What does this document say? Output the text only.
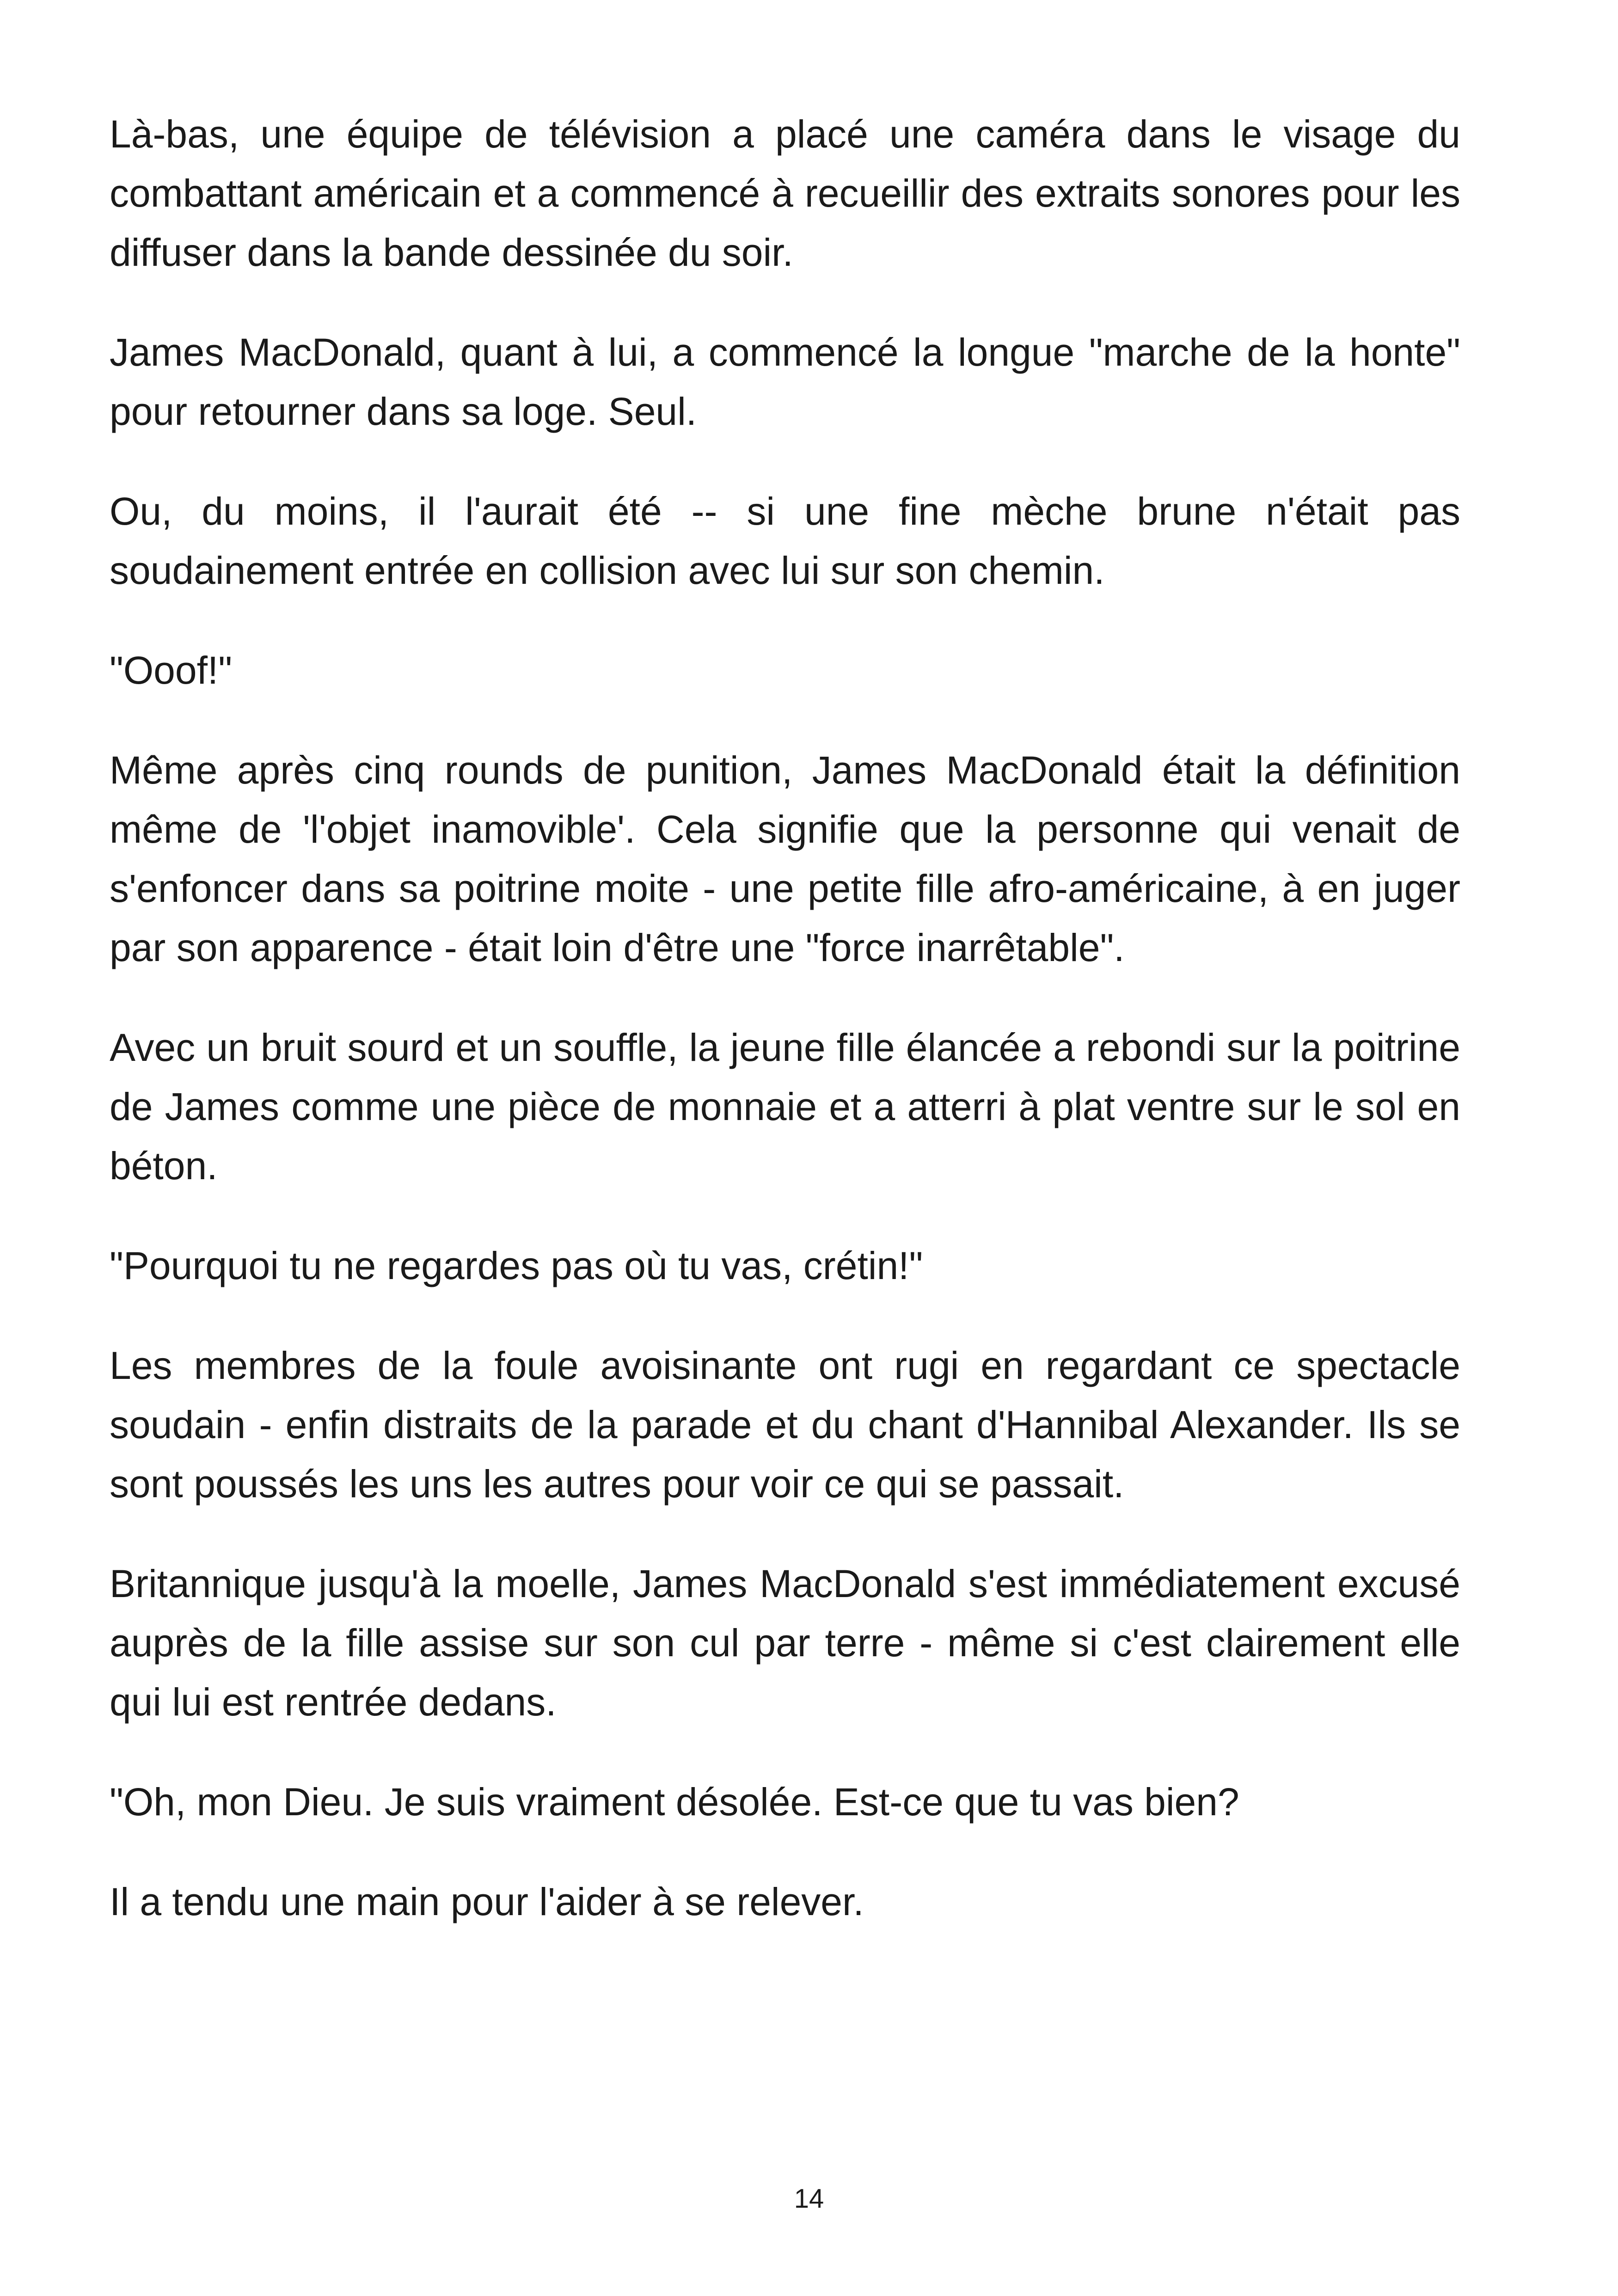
Là-bas, une équipe de télévision a placé une caméra dans le visage du combattant américain et a commencé à recueillir des extraits sonores pour les diffuser dans la bande dessinée du soir.

James MacDonald, quant à lui, a commencé la longue "marche de la honte" pour retourner dans sa loge. Seul.

Ou, du moins, il l'aurait été -- si une fine mèche brune n'était pas soudainement entrée en collision avec lui sur son chemin.

"Ooof!"

Même après cinq rounds de punition, James MacDonald était la définition même de 'l'objet inamovible'. Cela signifie que la personne qui venait de s'enfoncer dans sa poitrine moite - une petite fille afro-américaine, à en juger par son apparence - était loin d'être une "force inarrêtable".

Avec un bruit sourd et un souffle, la jeune fille élancée a rebondi sur la poitrine de James comme une pièce de monnaie et a atterri à plat ventre sur le sol en béton.

"Pourquoi tu ne regardes pas où tu vas, crétin!"

Les membres de la foule avoisinante ont rugi en regardant ce spectacle soudain - enfin distraits de la parade et du chant d'Hannibal Alexander. Ils se sont poussés les uns les autres pour voir ce qui se passait.

Britannique jusqu'à la moelle, James MacDonald s'est immédiatement excusé auprès de la fille assise sur son cul par terre - même si c'est clairement elle qui lui est rentrée dedans.

"Oh, mon Dieu. Je suis vraiment désolée. Est-ce que tu vas bien?

Il a tendu une main pour l'aider à se relever.

14
